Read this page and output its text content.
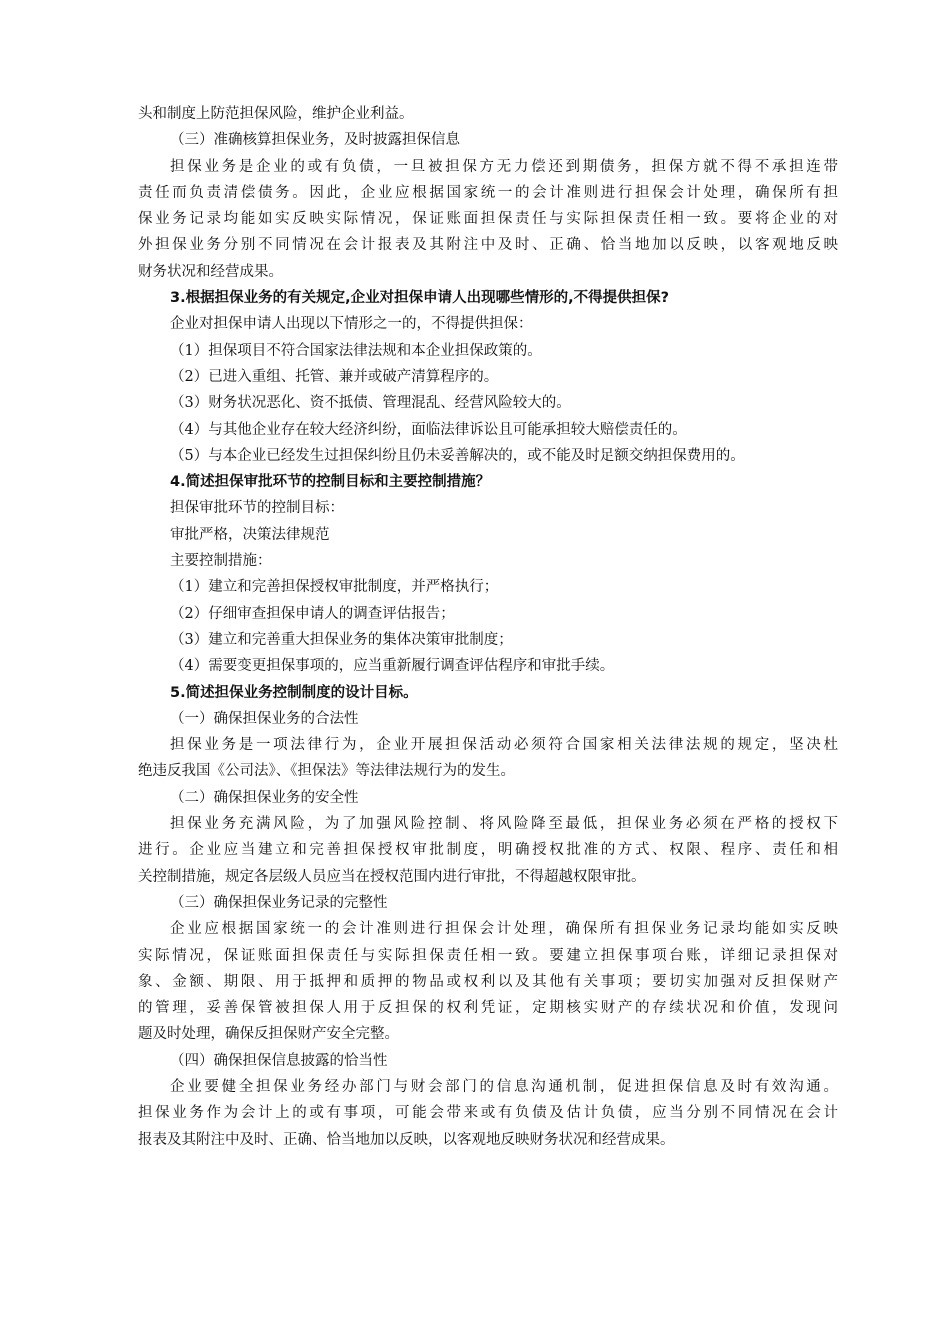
头和制度上防范担保风险，维护企业利益。

（三）准确核算担保业务，及时披露担保信息

担保业务是企业的或有负债，一旦被担保方无力偿还到期债务，担保方就不得不承担连带

责任而负责清偿债务。因此，企业应根据国家统一的会计准则进行担保会计处理，确保所有担

保业务记录均能如实反映实际情况，保证账面担保责任与实际担保责任相一致。要将企业的对

外担保业务分别不同情况在会计报表及其附注中及时、正确、恰当地加以反映，以客观地反映

财务状况和经营成果。

3.根据担保业务的有关规定,企业对担保申请人出现哪些情形的,不得提供担保?

企业对担保申请人出现以下情形之一的，不得提供担保：

（1）担保项目不符合国家法律法规和本企业担保政策的。

（2）已进入重组、托管、兼并或破产清算程序的。

（3）财务状况恶化、资不抵债、管理混乱、经营风险较大的。

（4）与其他企业存在较大经济纠纷，面临法律诉讼且可能承担较大赔偿责任的。

（5）与本企业已经发生过担保纠纷且仍未妥善解决的，或不能及时足额交纳担保费用的。

4.简述担保审批环节的控制目标和主要控制措施？

担保审批环节的控制目标：

审批严格，决策法律规范

主要控制措施：

（1）建立和完善担保授权审批制度，并严格执行；

（2）仔细审查担保申请人的调查评估报告；

（3）建立和完善重大担保业务的集体决策审批制度；

（4）需要变更担保事项的，应当重新履行调查评估程序和审批手续。

5.简述担保业务控制制度的设计目标。

（一）确保担保业务的合法性

担保业务是一项法律行为，企业开展担保活动必须符合国家相关法律法规的规定，坚决杜

绝违反我国《公司法》、《担保法》等法律法规行为的发生。

（二）确保担保业务的安全性

担保业务充满风险，为了加强风险控制、将风险降至最低，担保业务必须在严格的授权下

进行。企业应当建立和完善担保授权审批制度，明确授权批准的方式、权限、程序、责任和相

关控制措施，规定各层级人员应当在授权范围内进行审批，不得超越权限审批。

（三）确保担保业务记录的完整性

企业应根据国家统一的会计准则进行担保会计处理，确保所有担保业务记录均能如实反映

实际情况，保证账面担保责任与实际担保责任相一致。要建立担保事项台账，详细记录担保对

象、金额、期限、用于抵押和质押的物品或权利以及其他有关事项；要切实加强对反担保财产

的管理，妥善保管被担保人用于反担保的权利凭证，定期核实财产的存续状况和价值，发现问

题及时处理，确保反担保财产安全完整。

（四）确保担保信息披露的恰当性

企业要健全担保业务经办部门与财会部门的信息沟通机制，促进担保信息及时有效沟通。

担保业务作为会计上的或有事项，可能会带来或有负债及估计负债，应当分别不同情况在会计

报表及其附注中及时、正确、恰当地加以反映，以客观地反映财务状况和经营成果。
